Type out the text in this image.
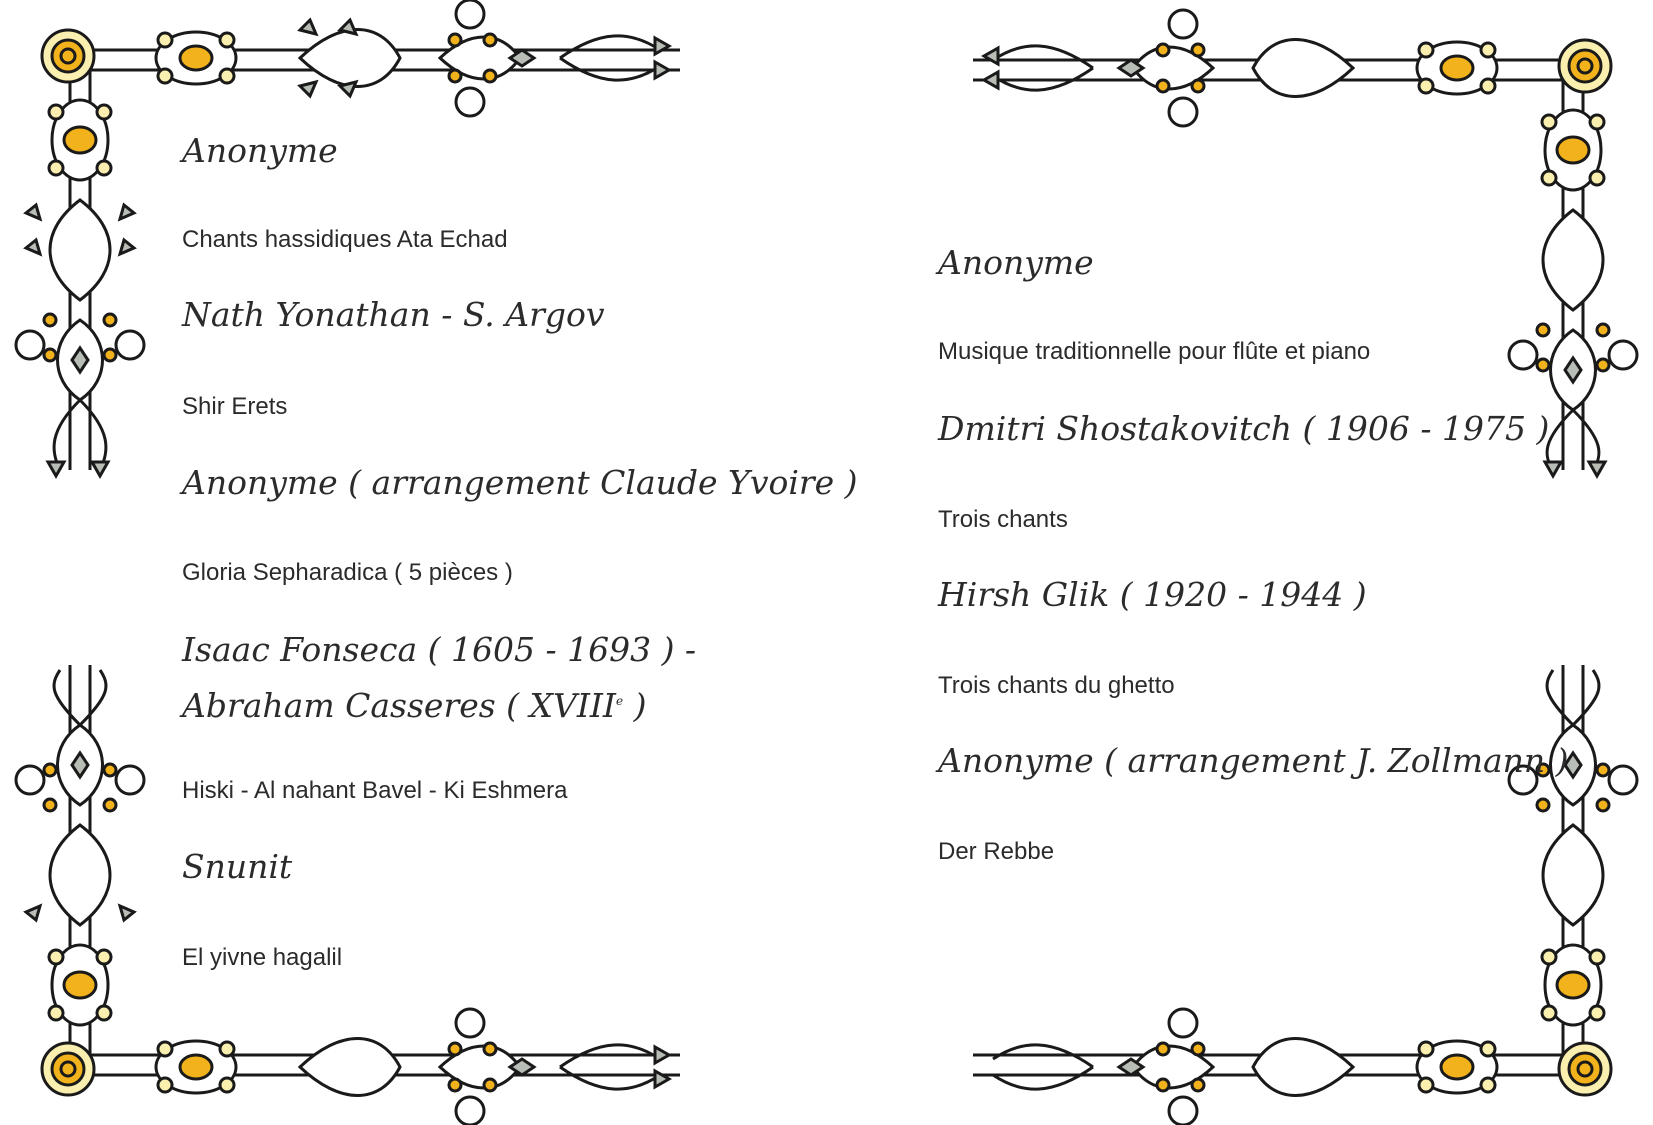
Anonyme
Chants hassidiques Ata Echad
Nath Yonathan - S. Argov
Shir Erets
Anonyme ( arrangement Claude Yvoire )
Gloria Sepharadica ( 5 pièces )
Isaac Fonseca ( 1605 - 1693 ) -
Abraham Casseres ( XVIIIe )
Hiski - Al nahant Bavel - Ki Eshmera
Snunit
El yivne hagalil
Anonyme
Musique traditionnelle pour flûte et piano
Dmitri Shostakovitch ( 1906 - 1975 )
Trois chants
Hirsh Glik ( 1920 - 1944 )
Trois chants du ghetto
Anonyme ( arrangement J. Zollmann )
Der Rebbe
